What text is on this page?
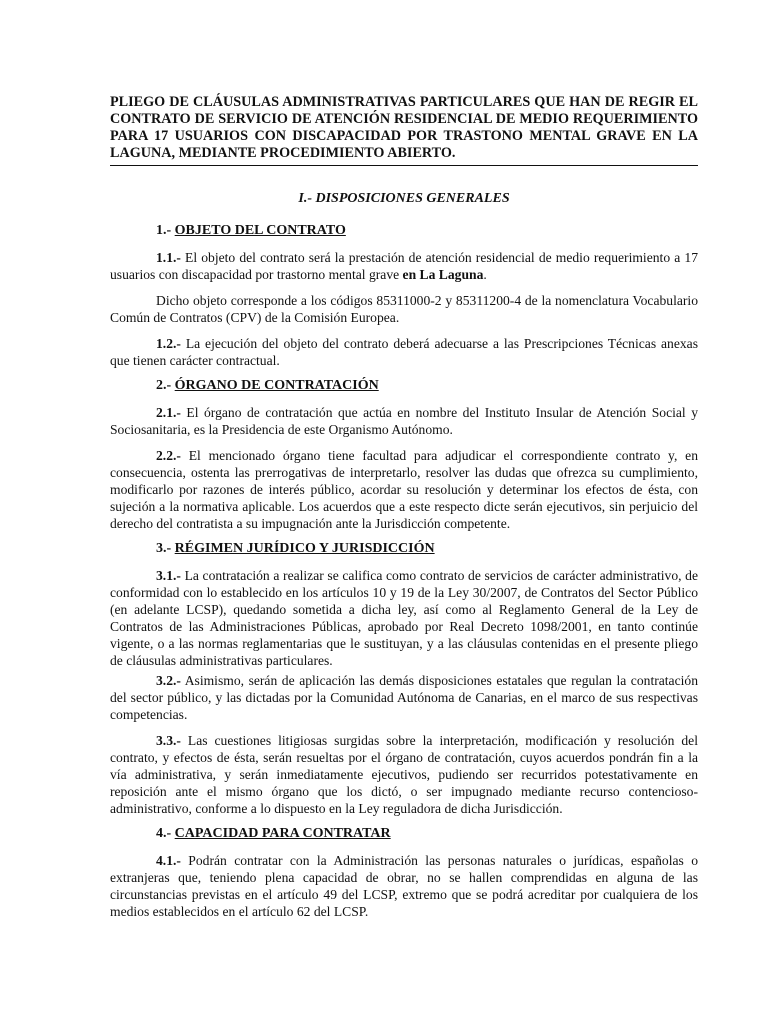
PLIEGO DE CLÁUSULAS ADMINISTRATIVAS PARTICULARES QUE HAN DE REGIR EL CONTRATO DE SERVICIO DE ATENCIÓN RESIDENCIAL DE MEDIO REQUERIMIENTO PARA 17 USUARIOS CON DISCAPACIDAD POR TRASTONO MENTAL GRAVE EN LA LAGUNA, MEDIANTE PROCEDIMIENTO ABIERTO.
I.- DISPOSICIONES GENERALES
1.- OBJETO DEL CONTRATO

1.1.- El objeto del contrato será la prestación de atención residencial de medio requerimiento a 17 usuarios con discapacidad por trastorno mental grave en La Laguna.

Dicho objeto corresponde a los códigos 85311000-2 y 85311200-4 de la nomenclatura Vocabulario Común de Contratos (CPV) de la Comisión Europea.

1.2.- La ejecución del objeto del contrato deberá adecuarse a las Prescripciones Técnicas anexas que tienen carácter contractual.

2.- ÓRGANO DE CONTRATACIÓN

2.1.- El órgano de contratación que actúa en nombre del Instituto Insular de Atención Social y Sociosanitaria, es la Presidencia de este Organismo Autónomo.

2.2.- El mencionado órgano tiene facultad para adjudicar el correspondiente contrato y, en consecuencia, ostenta las prerrogativas de interpretarlo, resolver las dudas que ofrezca su cumplimiento, modificarlo por razones de interés público, acordar su resolución y determinar los efectos de ésta, con sujeción a la normativa aplicable. Los acuerdos que a este respecto dicte serán ejecutivos, sin perjuicio del derecho del contratista a su impugnación ante la Jurisdicción competente.

3.- RÉGIMEN JURÍDICO Y JURISDICCIÓN

3.1.- La contratación a realizar se califica como contrato de servicios de carácter administrativo, de conformidad con lo establecido en los artículos 10 y 19 de la Ley 30/2007, de Contratos del Sector Público (en adelante LCSP), quedando sometida a dicha ley, así como al Reglamento General de la Ley de Contratos de las Administraciones Públicas, aprobado por Real Decreto 1098/2001, en tanto continúe vigente, o a las normas reglamentarias que le sustituyan, y a las cláusulas contenidas en el presente pliego de cláusulas administrativas particulares.

3.2.- Asimismo, serán de aplicación las demás disposiciones estatales que regulan la contratación del sector público, y las dictadas por la Comunidad Autónoma de Canarias, en el marco de sus respectivas competencias.

3.3.- Las cuestiones litigiosas surgidas sobre la interpretación, modificación y resolución del contrato, y efectos de ésta, serán resueltas por el órgano de contratación, cuyos acuerdos pondrán fin a la vía administrativa, y serán inmediatamente ejecutivos, pudiendo ser recurridos potestativamente en reposición ante el mismo órgano que los dictó, o ser impugnado mediante recurso contencioso-administrativo, conforme a lo dispuesto en la Ley reguladora de dicha Jurisdicción.

4.- CAPACIDAD PARA CONTRATAR

4.1.- Podrán contratar con la Administración las personas naturales o jurídicas, españolas o extranjeras que, teniendo plena capacidad de obrar, no se hallen comprendidas en alguna de las circunstancias previstas en el artículo 49 del LCSP, extremo que se podrá acreditar por cualquiera de los medios establecidos en el artículo 62 del LCSP.
